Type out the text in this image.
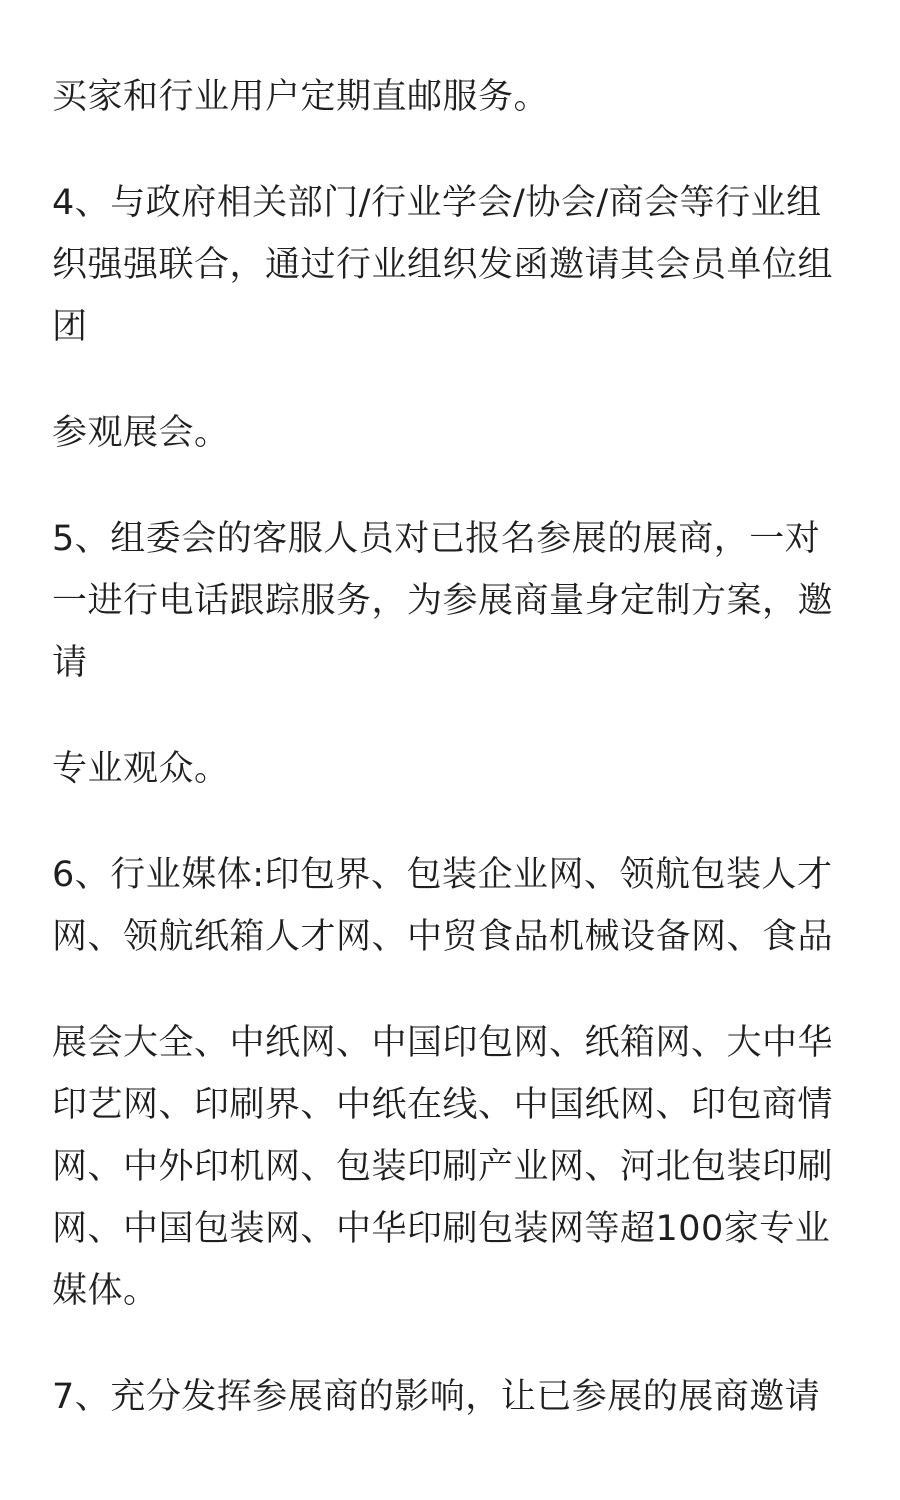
买家和行业用户定期直邮服务。

4、与政府相关部门/行业学会/协会/商会等行业组
织强强联合，通过行业组织发函邀请其会员单位组
团

参观展会。

5、组委会的客服人员对已报名参展的展商，一对
一进行电话跟踪服务，为参展商量身定制方案，邀
请

专业观众。

6、行业媒体:印包界、包装企业网、领航包装人才
网、领航纸箱人才网、中贸食品机械设备网、食品

展会大全、中纸网、中国印包网、纸箱网、大中华
印艺网、印刷界、中纸在线、中国纸网、印包商情
网、中外印机网、包装印刷产业网、河北包装印刷
网、中国包装网、中华印刷包装网等超100家专业
媒体。

7、充分发挥参展商的影响，让已参展的展商邀请
